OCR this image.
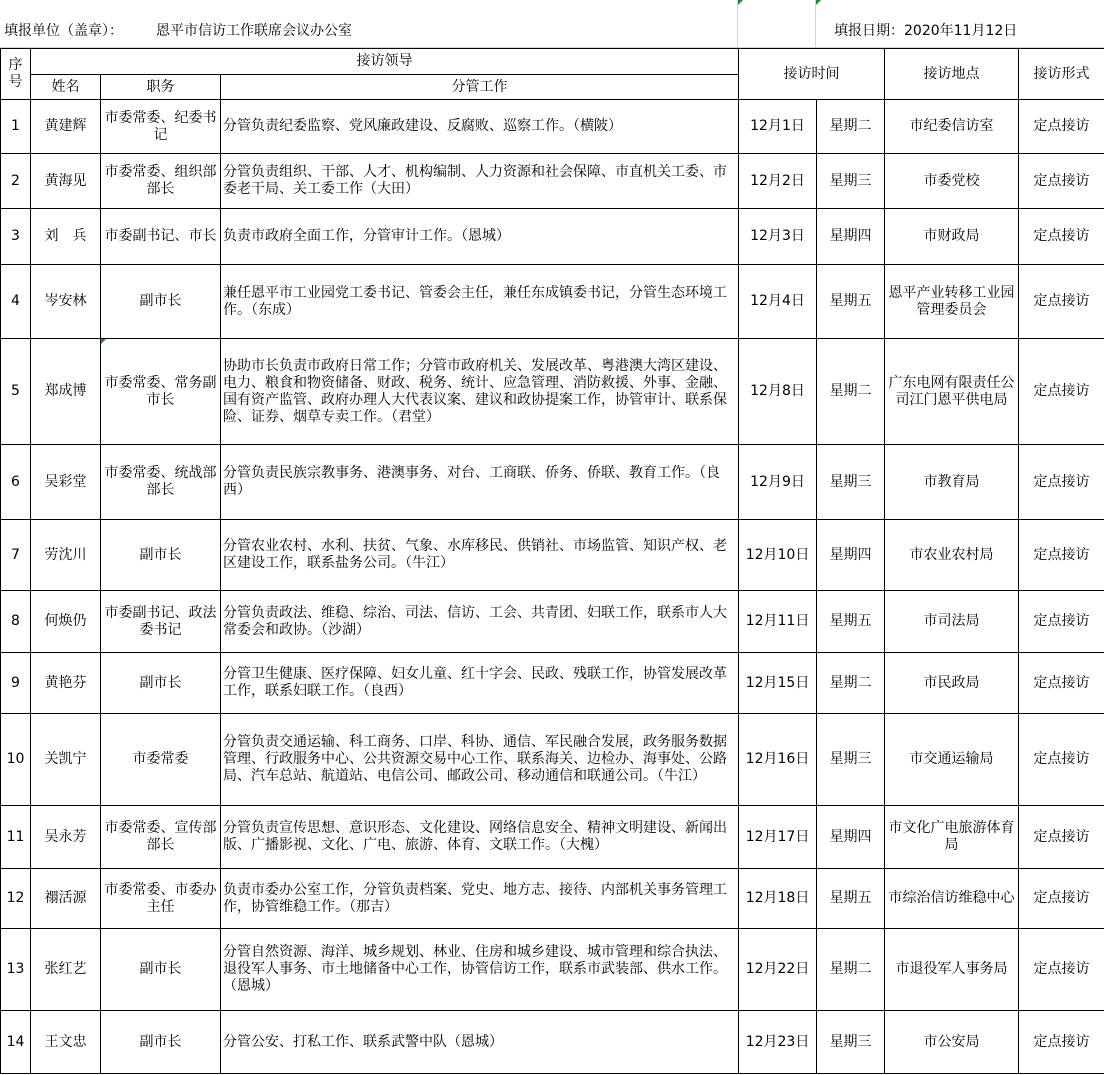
填报单位（盖章）： 恩平市信访工作联席会议办公室	填报日期：2020年11月12日
序号	接访领导			接访时间		接访地点	接访形式
	姓名	职务	分管工作				
1	黄建辉	市委常委、纪委书记	分管负责纪委监察、党风廉政建设、反腐败、巡察工作。（横陂）	12月1日	星期二	市纪委信访室	定点接访
2	黄海见	市委常委、组织部部长	分管负责组织、干部、人才、机构编制、人力资源和社会保障、市直机关工委、市委老干局、关工委工作（大田）	12月2日	星期三	市委党校	定点接访
3	刘　兵	市委副书记、市长	负责市政府全面工作，分管审计工作。（恩城）	12月3日	星期四	市财政局	定点接访
4	岑安林	副市长	兼任恩平市工业园党工委书记、管委会主任，兼任东成镇委书记，分管生态环境工作。（东成）	12月4日	星期五	恩平产业转移工业园管理委员会	定点接访
5	郑成博	市委常委、常务副市长	协助市长负责市政府日常工作；分管市政府机关、发展改革、粤港澳大湾区建设、电力、粮食和物资储备、财政、税务、统计、应急管理、消防救援、外事、金融、国有资产监管、政府办理人大代表议案、建议和政协提案工作，协管审计、联系保险、证券、烟草专卖工作。（君堂）	12月8日	星期二	广东电网有限责任公司江门恩平供电局	定点接访
6	吴彩堂	市委常委、统战部部长	分管负责民族宗教事务、港澳事务、对台、工商联、侨务、侨联、教育工作。（良西）	12月9日	星期三	市教育局	定点接访
7	劳沈川	副市长	分管农业农村、水利、扶贫、气象、水库移民、供销社、市场监管、知识产权、老区建设工作，联系盐务公司。（牛江）	12月10日	星期四	市农业农村局	定点接访
8	何焕仍	市委副书记、政法委书记	分管负责政法、维稳、综治、司法、信访、工会、共青团、妇联工作，联系市人大常委会和政协。（沙湖）	12月11日	星期五	市司法局	定点接访
9	黄艳芬	副市长	分管卫生健康、医疗保障、妇女儿童、红十字会、民政、残联工作，协管发展改革工作，联系妇联工作。（良西）	12月15日	星期二	市民政局	定点接访
10	关凯宁	市委常委	分管负责交通运输、科工商务、口岸、科协、通信、军民融合发展，政务服务数据管理、行政服务中心、公共资源交易中心工作、联系海关、边检办、海事处、公路局、汽车总站、航道站、电信公司、邮政公司、移动通信和联通公司。（牛江）	12月16日	星期三	市交通运输局	定点接访
11	吴永芳	市委常委、宣传部部长	分管负责宣传思想、意识形态、文化建设、网络信息安全、精神文明建设、新闻出版、广播影视、文化、广电、旅游、体育、文联工作。（大槐）	12月17日	星期四	市文化广电旅游体育局	定点接访
12	禤活源	市委常委、市委办主任	负责市委办公室工作，分管负责档案、党史、地方志、接待、内部机关事务管理工作，协管维稳工作。（那吉）	12月18日	星期五	市综治信访维稳中心	定点接访
13	张红艺	副市长	分管自然资源、海洋、城乡规划、林业、住房和城乡建设、城市管理和综合执法、退役军人事务、市土地储备中心工作，协管信访工作，联系市武装部、供水工作。（恩城）	12月22日	星期二	市退役军人事务局	定点接访
14	王文忠	副市长	分管公安、打私工作、联系武警中队（恩城）	12月23日	星期三	市公安局	定点接访
